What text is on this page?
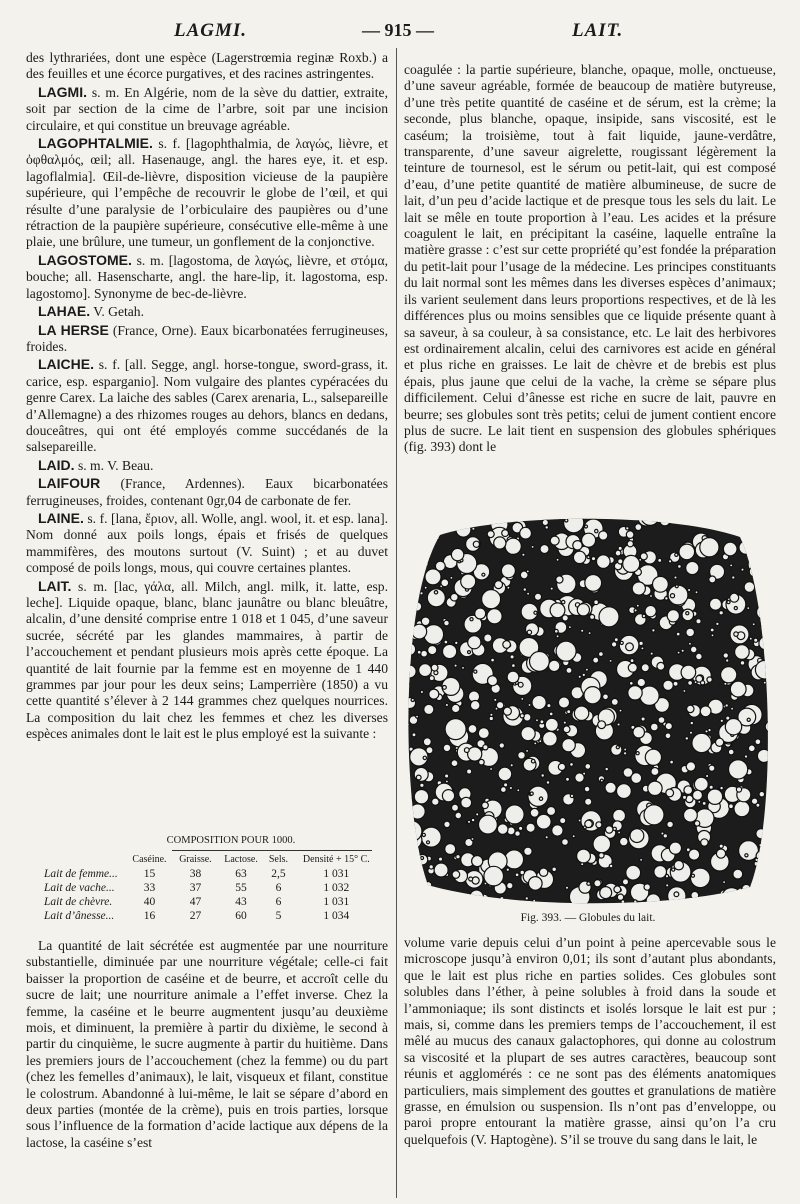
LAGMI.	— 915 —	LAIT.

des lythrariées, dont une espèce (Lagerstrœmia reginæ Roxb.) a des feuilles et une écorce purgatives, et des racines astringentes.

LAGMI. s. m. En Algérie, nom de la sève du dattier, extraite, soit par section de la cime de l’arbre, soit par une incision circulaire, et qui constitue un breuvage agréable.

LAGOPHTALMIE. s. f. [lagophthalmia, de λαγώς, lièvre, et ὀφθαλμός, œil; all. Hasenauge, angl. the hares eye, it. et esp. lagoflalmia]. Œil-de-lièvre, disposition vicieuse de la paupière supérieure, qui l’empêche de recouvrir le globe de l’œil, et qui résulte d’une paralysie de l’orbiculaire des paupières ou d’une rétraction de la paupière supérieure, consécutive elle-même à une plaie, une brûlure, une tumeur, un gonflement de la conjonctive.

LAGOSTOME. s. m. [lagostoma, de λαγώς, lièvre, et στόμα, bouche; all. Hasenscharte, angl. the hare-lip, it. lagostoma, esp. lagostomo]. Synonyme de bec-de-lièvre.

LAHAE. V. Getah.

LA HERSE (France, Orne). Eaux bicarbonatées ferrugineuses, froides.

LAICHE. s. f. [all. Segge, angl. horse-tongue, sword-grass, it. carice, esp. esparganio]. Nom vulgaire des plantes cypéracées du genre Carex. La laiche des sables (Carex arenaria, L., salsepareille d’Allemagne) a des rhizomes rouges au dehors, blancs en dedans, douceâtres, qui ont été employés comme succédanés de la salsepareille.

LAID. s. m. V. Beau.

LAIFOUR (France, Ardennes). Eaux bicarbonatées ferrugineuses, froides, contenant 0gr,04 de carbonate de fer.

LAINE. s. f. [lana, ἔριον, all. Wolle, angl. wool, it. et esp. lana]. Nom donné aux poils longs, épais et frisés de quelques mammifères, des moutons surtout (V. Suint) ; et au duvet composé de poils longs, mous, qui couvre certaines plantes.

LAIT. s. m. [lac, γάλα, all. Milch, angl. milk, it. latte, esp. leche]. Liquide opaque, blanc, blanc jaunâtre ou blanc bleuâtre, alcalin, d’une densité comprise entre 1 018 et 1 045, d’une saveur sucrée, sécrété par les glandes mammaires, à partir de l’accouchement et pendant plusieurs mois après cette époque. La quantité de lait fournie par la femme est en moyenne de 1 440 grammes par jour pour les deux seins; Lamperrière (1850) a vu cette quantité s’élever à 2 144 grammes chez quelques nourrices. La composition du lait chez les femmes et chez les diverses espèces animales dont le lait est le plus employé est la suivante :

COMPOSITION POUR 1000.
	Caséine.	Graisse.	Lactose.	Sels.	Densité + 15° C.
Lait de femme...	15	38	63	2,5	1 031
Lait de vache...	33	37	55	6	1 032
Lait de chèvre.	40	47	43	6	1 031
Lait d’ânesse...	16	27	60	5	1 034

La quantité de lait sécrétée est augmentée par une nourriture substantielle, diminuée par une nourriture végétale; celle-ci fait baisser la proportion de caséine et de beurre, et accroît celle du sucre de lait; une nourriture animale a l’effet inverse. Chez la femme, la caséine et le beurre augmentent jusqu’au deuxième mois, et diminuent, la première à partir du dixième, le second à partir du cinquième, le sucre augmente à partir du huitième. Dans les premiers jours de l’accouchement (chez la femme) ou du part (chez les femelles d’animaux), le lait, visqueux et filant, constitue le colostrum. Abandonné à lui-même, le lait se sépare d’abord en deux parties (montée de la crème), puis en trois parties, lorsque sous l’influence de la formation d’acide lactique aux dépens de la lactose, la caséine s’est

coagulée : la partie supérieure, blanche, opaque, molle, onctueuse, d’une saveur agréable, formée de beaucoup de matière butyreuse, d’une très petite quantité de caséine et de sérum, est la crème; la seconde, plus blanche, opaque, insipide, sans viscosité, est le caséum; la troisième, tout à fait liquide, jaune-verdâtre, transparente, d’une saveur aigrelette, rougissant légèrement la teinture de tournesol, est le sérum ou petit-lait, qui est composé d’eau, d’une petite quantité de matière albumineuse, de sucre de lait, d’un peu d’acide lactique et de presque tous les sels du lait. Le lait se mêle en toute proportion à l’eau. Les acides et la présure coagulent le lait, en précipitant la caséine, laquelle entraîne la matière grasse : c’est sur cette propriété qu’est fondée la préparation du petit-lait pour l’usage de la médecine. Les principes constituants du lait normal sont les mêmes dans les diverses espèces d’animaux; ils varient seulement dans leurs proportions respectives, et de là les différences plus ou moins sensibles que ce liquide présente quant à sa saveur, à sa couleur, à sa consistance, etc. Le lait des herbivores est ordinairement alcalin, celui des carnivores est acide en général et plus riche en graisses. Le lait de chèvre et de brebis est plus épais, plus jaune que celui de la vache, la crème se sépare plus difficilement. Celui d’ânesse est riche en sucre de lait, pauvre en beurre; ses globules sont très petits; celui de jument contient encore plus de sucre. Le lait tient en suspension des globules sphériques (fig. 393) dont le

Fig. 393. — Globules du lait.

volume varie depuis celui d’un point à peine apercevable sous le microscope jusqu’à environ 0,01; ils sont d’autant plus abondants, que le lait est plus riche en parties solides. Ces globules sont solubles dans l’éther, à peine solubles à froid dans la soude et l’ammoniaque; ils sont distincts et isolés lorsque le lait est pur ; mais, si, comme dans les premiers temps de l’accouchement, il est mêlé au mucus des canaux galactophores, qui donne au colostrum sa viscosité et la plupart de ses autres caractères, beaucoup sont réunis et agglomérés : ce ne sont pas des éléments anatomiques particuliers, mais simplement des gouttes et granulations de matière grasse, en émulsion ou suspension. Ils n’ont pas d’enveloppe, ou paroi propre entourant la matière grasse, ainsi qu’on l’a cru quelquefois (V. Haptogène). S’il se trouve du sang dans le lait, le
